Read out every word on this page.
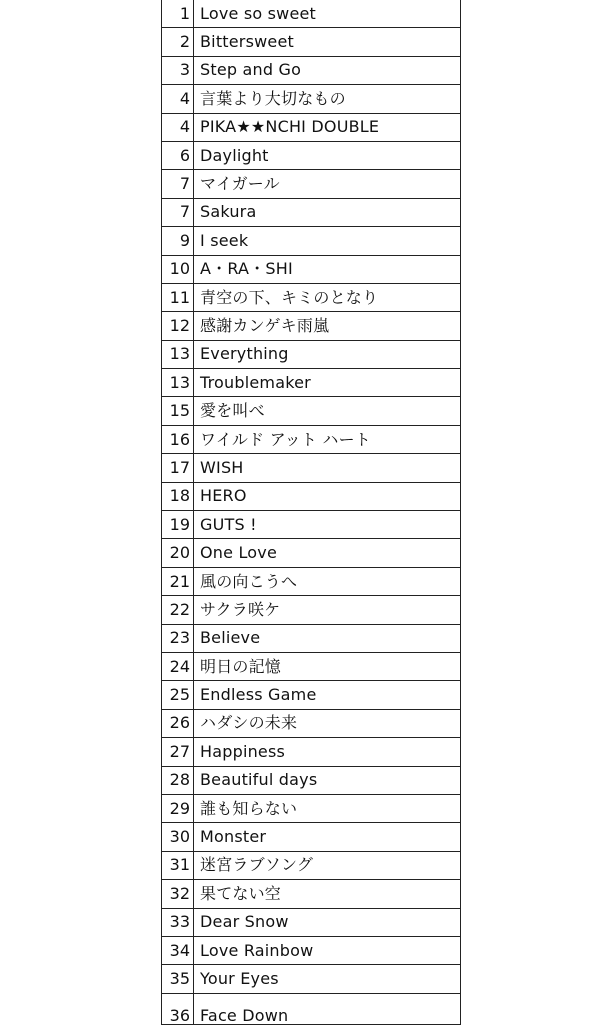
1	Love so sweet
2	Bittersweet
3	Step and Go
4	言葉より大切なもの
4	PIKA★★NCHI DOUBLE
6	Daylight
7	マイガール
7	Sakura
9	I seek
10	A・RA・SHI
11	青空の下、キミのとなり
12	感謝カンゲキ雨嵐
13	Everything
13	Troublemaker
15	愛を叫べ
16	ワイルド アット ハート
17	WISH
18	HERO
19	GUTS !
20	One Love
21	風の向こうへ
22	サクラ咲ケ
23	Believe
24	明日の記憶
25	Endless Game
26	ハダシの未来
27	Happiness
28	Beautiful days
29	誰も知らない
30	Monster
31	迷宮ラブソング
32	果てない空
33	Dear Snow
34	Love Rainbow
35	Your Eyes
36	Face Down
